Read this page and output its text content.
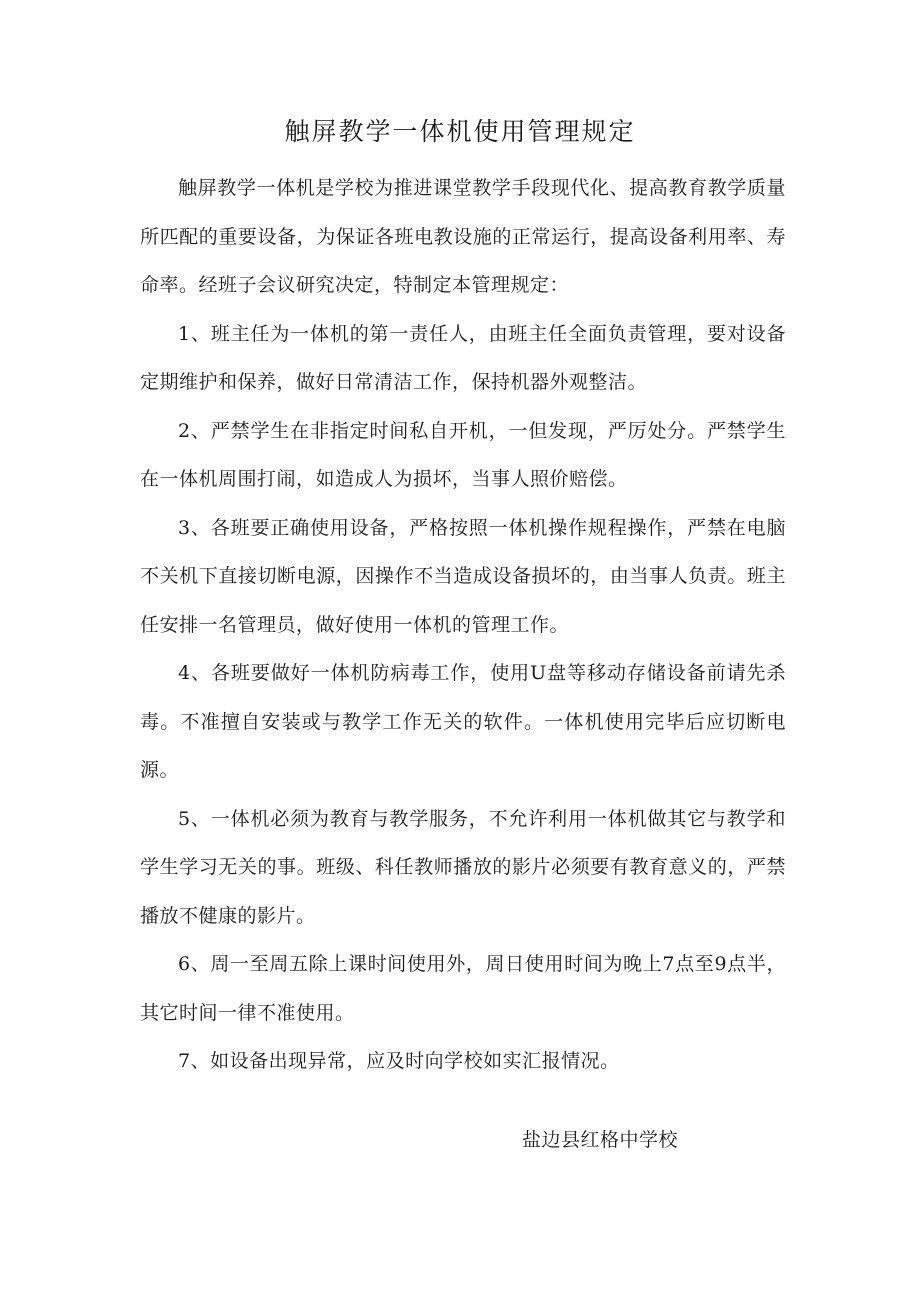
触屏教学一体机使用管理规定

触屏教学一体机是学校为推进课堂教学手段现代化、提高教育教学质量所匹配的重要设备，为保证各班电教设施的正常运行，提高设备利用率、寿命率。经班子会议研究决定，特制定本管理规定：

1、班主任为一体机的第一责任人，由班主任全面负责管理，要对设备定期维护和保养，做好日常清洁工作，保持机器外观整洁。

2、严禁学生在非指定时间私自开机，一但发现，严厉处分。严禁学生在一体机周围打闹，如造成人为损坏，当事人照价赔偿。

3、各班要正确使用设备，严格按照一体机操作规程操作，严禁在电脑不关机下直接切断电源，因操作不当造成设备损坏的，由当事人负责。班主任安排一名管理员，做好使用一体机的管理工作。

4、各班要做好一体机防病毒工作，使用U盘等移动存储设备前请先杀毒。不准擅自安装或与教学工作无关的软件。一体机使用完毕后应切断电源。

5、一体机必须为教育与教学服务，不允许利用一体机做其它与教学和学生学习无关的事。班级、科任教师播放的影片必须要有教育意义的，严禁播放不健康的影片。

6、周一至周五除上课时间使用外，周日使用时间为晚上7点至9点半，其它时间一律不准使用。

7、如设备出现异常，应及时向学校如实汇报情况。

盐边县红格中学校
